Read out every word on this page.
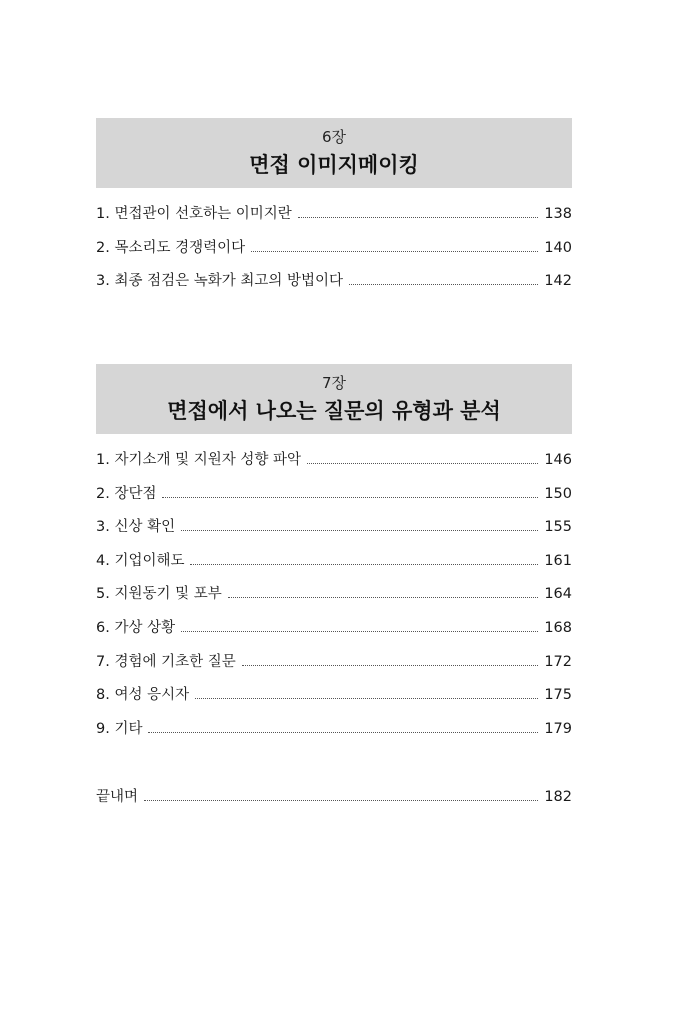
6장
면접 이미지메이킹
1. 면접관이 선호하는 이미지란	138
2. 목소리도 경쟁력이다	140
3. 최종 점검은 녹화가 최고의 방법이다	142
7장
면접에서 나오는 질문의 유형과 분석
1. 자기소개 및 지원자 성향 파악	146
2. 장단점	150
3. 신상 확인	155
4. 기업이해도	161
5. 지원동기 및 포부	164
6. 가상 상황	168
7. 경험에 기초한 질문	172
8. 여성 응시자	175
9. 기타	179
끝내며	182
